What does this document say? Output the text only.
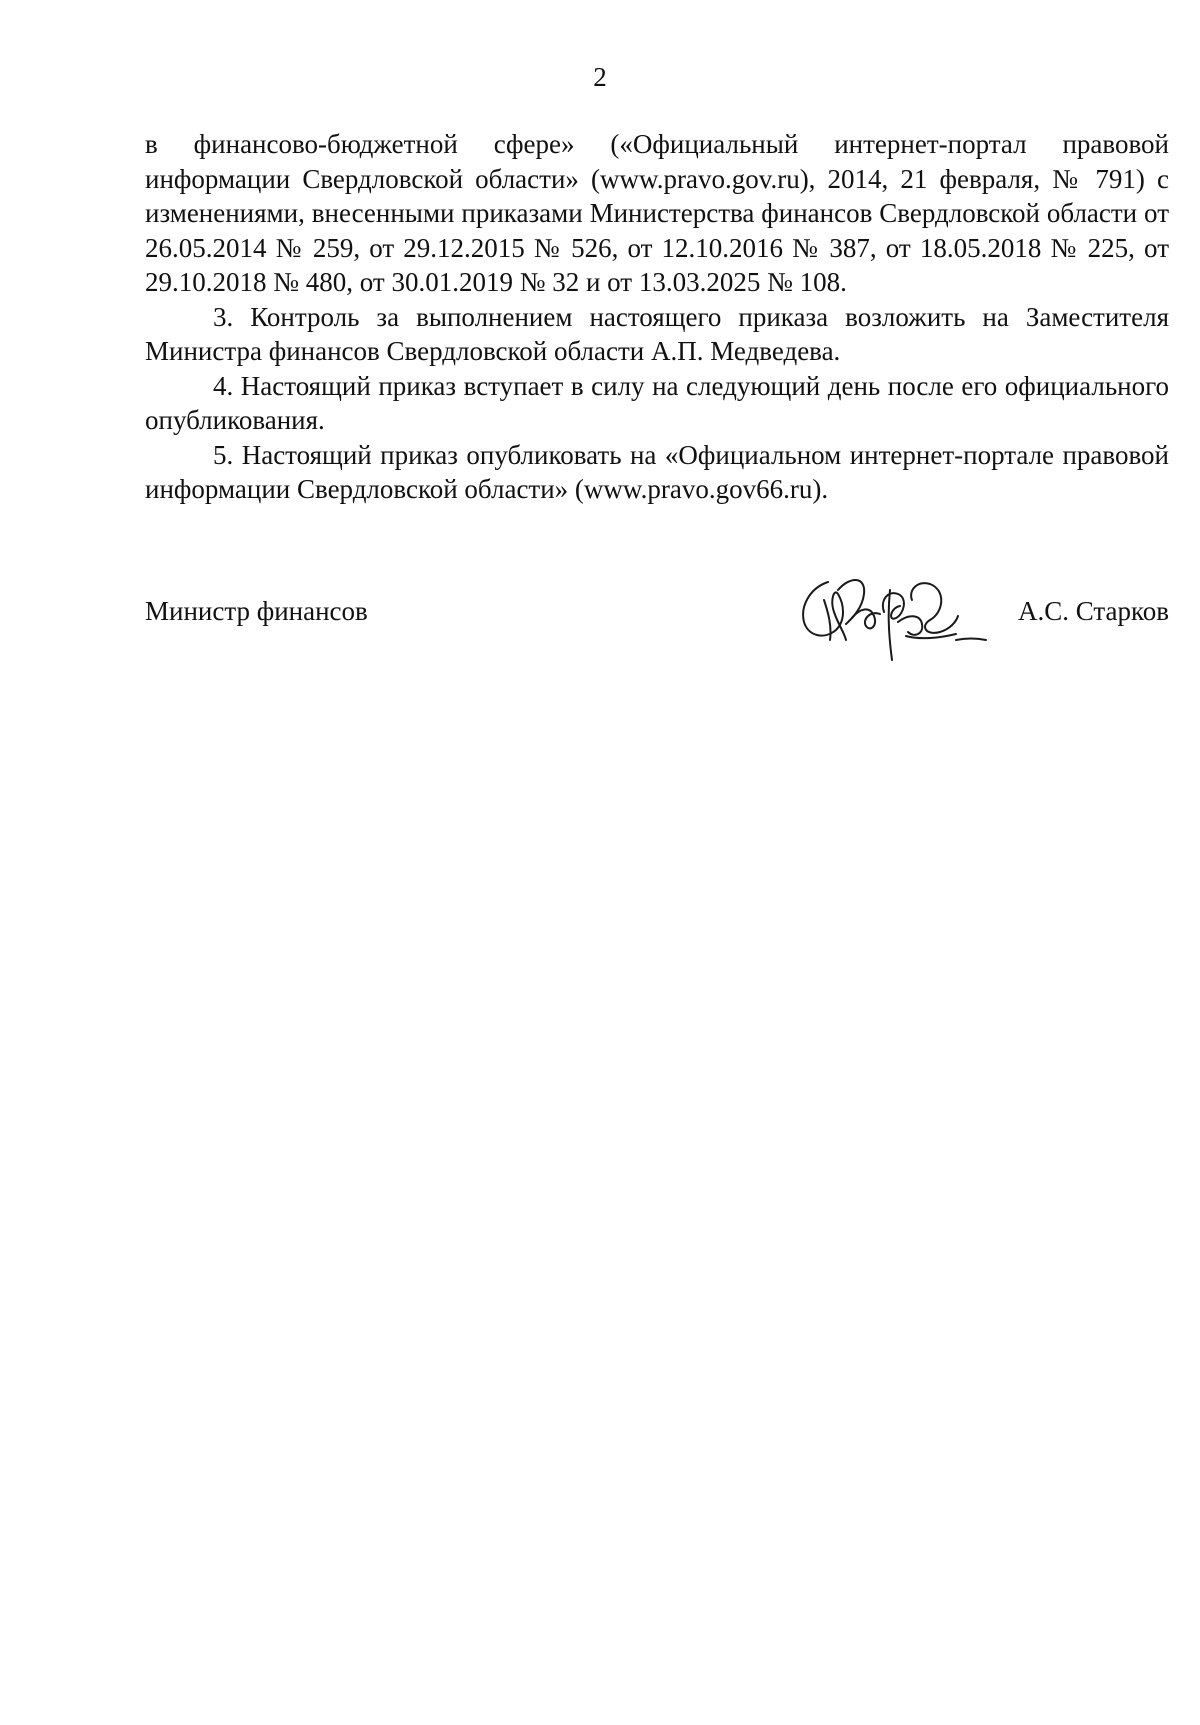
2

в финансово-бюджетной сфере» («Официальный интернет-портал правовой информации Свердловской области» (www.pravo.gov.ru), 2014, 21 февраля, № 791) с изменениями, внесенными приказами Министерства финансов Свердловской области от 26.05.2014 № 259, от 29.12.2015 № 526, от 12.10.2016 № 387, от 18.05.2018 № 225, от 29.10.2018 № 480, от 30.01.2019 № 32 и от 13.03.2025 № 108.

3. Контроль за выполнением настоящего приказа возложить на Заместителя Министра финансов Свердловской области А.П. Медведева.

4. Настоящий приказ вступает в силу на следующий день после его официального опубликования.

5. Настоящий приказ опубликовать на «Официальном интернет-портале правовой информации Свердловской области» (www.pravo.gov66.ru).

Министр финансов	А.С. Старков
